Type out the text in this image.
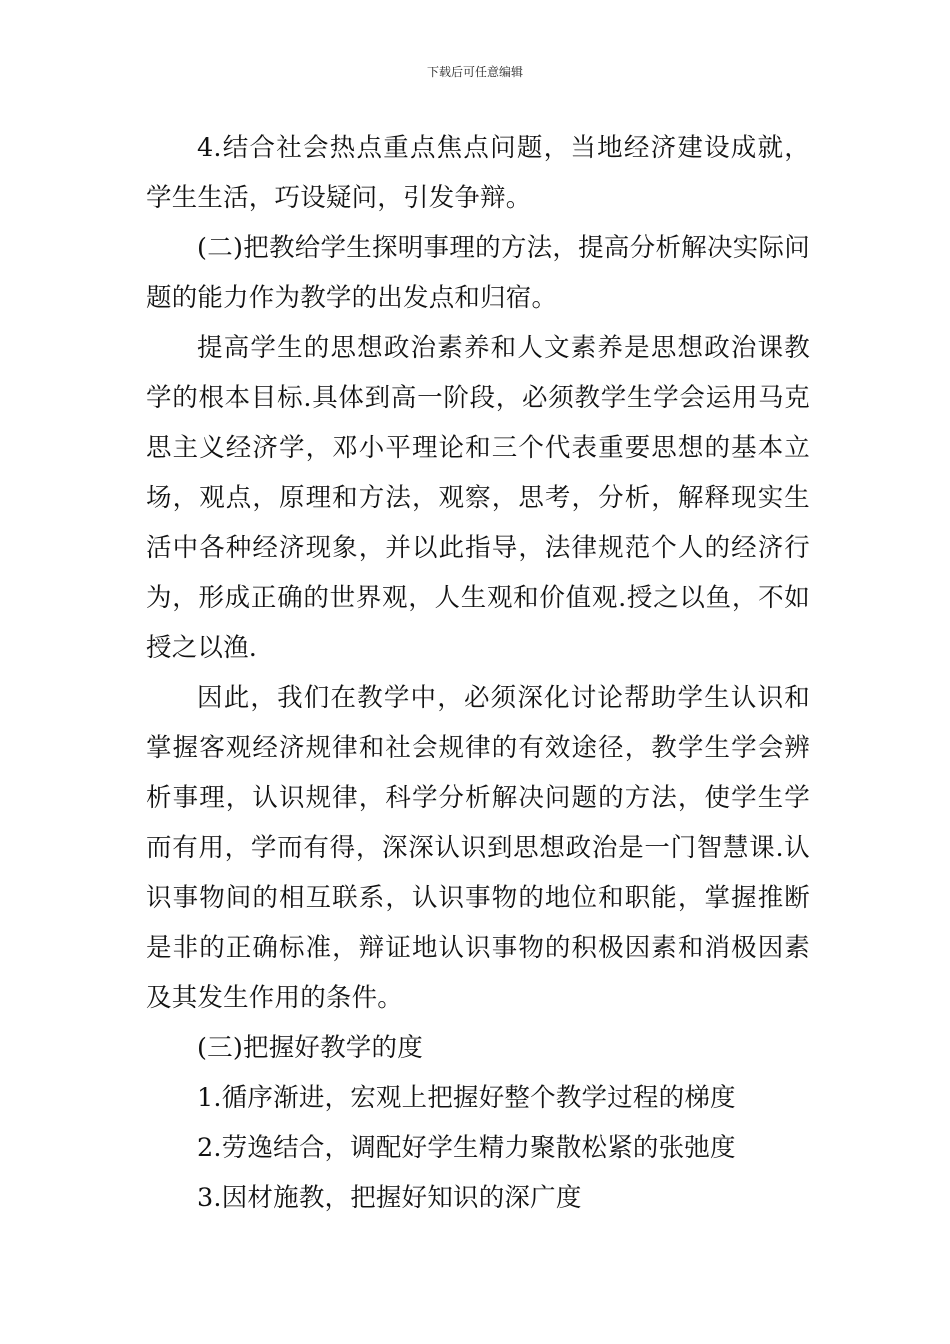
下载后可任意编辑

4.结合社会热点重点焦点问题，当地经济建设成就，学生生活，巧设疑问，引发争辩。

(二)把教给学生探明事理的方法，提高分析解决实际问题的能力作为教学的出发点和归宿。

提高学生的思想政治素养和人文素养是思想政治课教学的根本目标.具体到高一阶段，必须教学生学会运用马克思主义经济学，邓小平理论和三个代表重要思想的基本立场，观点，原理和方法，观察，思考，分析，解释现实生活中各种经济现象，并以此指导，法律规范个人的经济行为，形成正确的世界观，人生观和价值观.授之以鱼，不如授之以渔.

因此，我们在教学中，必须深化讨论帮助学生认识和掌握客观经济规律和社会规律的有效途径，教学生学会辨析事理，认识规律，科学分析解决问题的方法，使学生学而有用，学而有得，深深认识到思想政治是一门智慧课.认识事物间的相互联系，认识事物的地位和职能，掌握推断是非的正确标准，辩证地认识事物的积极因素和消极因素及其发生作用的条件。

(三)把握好教学的度

1.循序渐进，宏观上把握好整个教学过程的梯度

2.劳逸结合，调配好学生精力聚散松紧的张弛度

3.因材施教，把握好知识的深广度
